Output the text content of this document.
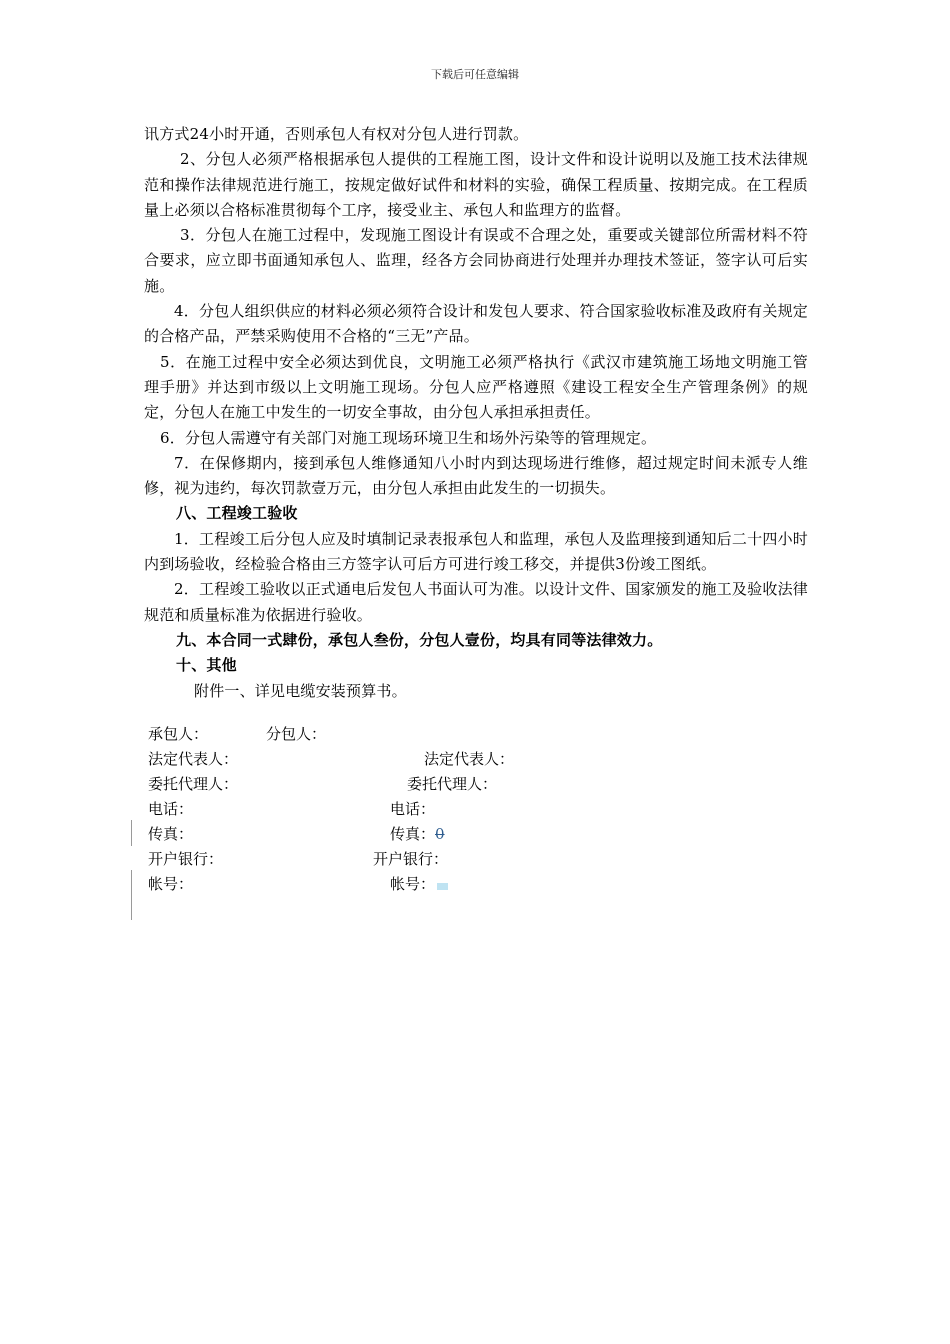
下载后可任意编辑

讯方式24小时开通，否则承包人有权对分包人进行罚款。

2、分包人必须严格根据承包人提供的工程施工图，设计文件和设计说明以及施工技术法律规范和操作法律规范进行施工，按规定做好试件和材料的实验，确保工程质量、按期完成。在工程质量上必须以合格标准贯彻每个工序，接受业主、承包人和监理方的监督。

3．分包人在施工过程中，发现施工图设计有误或不合理之处，重要或关键部位所需材料不符合要求，应立即书面通知承包人、监理，经各方会同协商进行处理并办理技术签证，签字认可后实施。

4．分包人组织供应的材料必须必须符合设计和发包人要求、符合国家验收标准及政府有关规定的合格产品，严禁采购使用不合格的“三无”产品。

5．在施工过程中安全必须达到优良，文明施工必须严格执行《武汉市建筑施工场地文明施工管理手册》并达到市级以上文明施工现场。分包人应严格遵照《建设工程安全生产管理条例》的规定，分包人在施工中发生的一切安全事故，由分包人承担承担责任。

6．分包人需遵守有关部门对施工现场环境卫生和场外污染等的管理规定。

7．在保修期内，接到承包人维修通知八小时内到达现场进行维修，超过规定时间未派专人维修，视为违约，每次罚款壹万元，由分包人承担由此发生的一切损失。

八、工程竣工验收

1．工程竣工后分包人应及时填制记录表报承包人和监理，承包人及监理接到通知后二十四小时内到场验收，经检验合格由三方签字认可后方可进行竣工移交，并提供3份竣工图纸。

2．工程竣工验收以正式通电后发包人书面认可为准。以设计文件、国家颁发的施工及验收法律规范和质量标准为依据进行验收。

九、本合同一式肆份，承包人叁份，分包人壹份，均具有同等法律效力。

十、其他

附件一、详见电缆安装预算书。

承包人：	分包人：
法定代表人：	法定代表人：
委托代理人：	委托代理人：
电话：	电话：
传真：	传真：0
开户银行：	开户银行：
帐号：	帐号：
